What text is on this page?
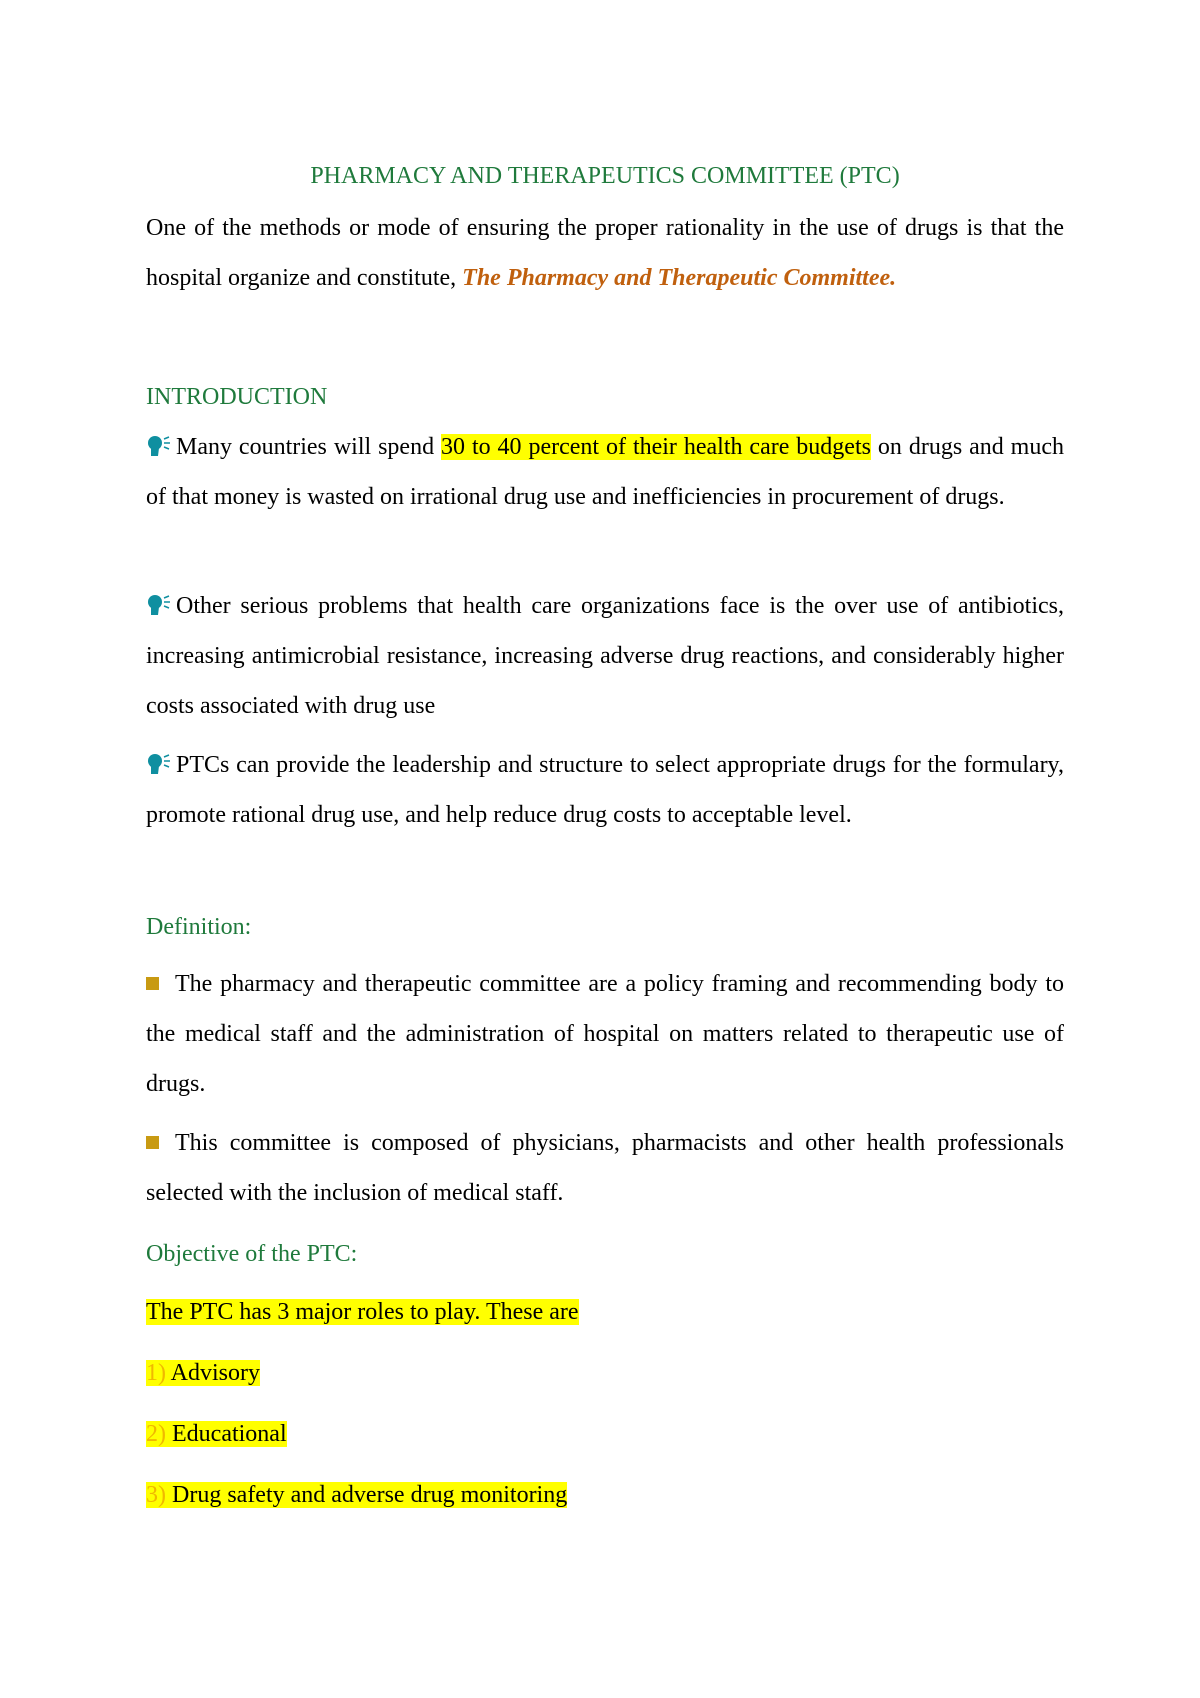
PHARMACY AND THERAPEUTICS COMMITTEE (PTC)

One of the methods or mode of ensuring the proper rationality in the use of drugs is that the hospital organize and constitute, The Pharmacy and Therapeutic Committee.

INTRODUCTION

Many countries will spend 30 to 40 percent of their health care budgets on drugs and much of that money is wasted on irrational drug use and inefficiencies in procurement of drugs.

Other serious problems that health care organizations face is the over use of antibiotics, increasing antimicrobial resistance, increasing adverse drug reactions, and considerably higher costs associated with drug use

PTCs can provide the leadership and structure to select appropriate drugs for the formulary, promote rational drug use, and help reduce drug costs to acceptable level.

Definition:

The pharmacy and therapeutic committee are a policy framing and recommending body to the medical staff and the administration of hospital on matters related to therapeutic use of drugs.

This committee is composed of physicians, pharmacists and other health professionals selected with the inclusion of medical staff.

Objective of the PTC:
The PTC has 3 major roles to play. These are
1) Advisory
2) Educational
3) Drug safety and adverse drug monitoring
